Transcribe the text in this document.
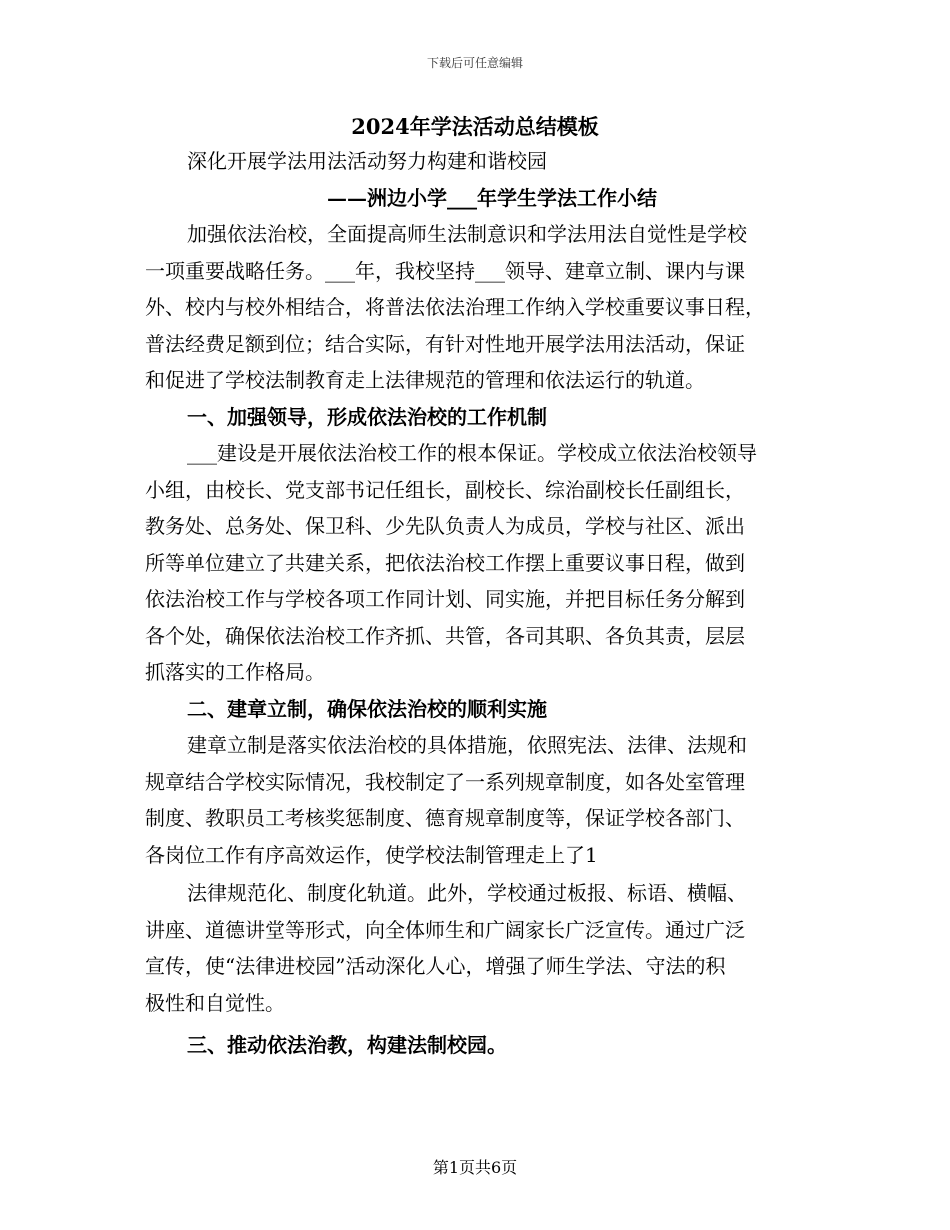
下载后可任意编辑

2024年学法活动总结模板

深化开展学法用法活动努力构建和谐校园

——洲边小学___年学生学法工作小结

加强依法治校，全面提高师生法制意识和学法用法自觉性是学校

一项重要战略任务。___年，我校坚持___领导、建章立制、课内与课

外、校内与校外相结合，将普法依法治理工作纳入学校重要议事日程，

普法经费足额到位；结合实际，有针对性地开展学法用法活动，保证

和促进了学校法制教育走上法律规范的管理和依法运行的轨道。

一、加强领导，形成依法治校的工作机制

___建设是开展依法治校工作的根本保证。学校成立依法治校领导

小组，由校长、党支部书记任组长，副校长、综治副校长任副组长，

教务处、总务处、保卫科、少先队负责人为成员，学校与社区、派出

所等单位建立了共建关系，把依法治校工作摆上重要议事日程，做到

依法治校工作与学校各项工作同计划、同实施，并把目标任务分解到

各个处，确保依法治校工作齐抓、共管，各司其职、各负其责，层层

抓落实的工作格局。

二、建章立制，确保依法治校的顺利实施

建章立制是落实依法治校的具体措施，依照宪法、法律、法规和

规章结合学校实际情况，我校制定了一系列规章制度，如各处室管理

制度、教职员工考核奖惩制度、德育规章制度等，保证学校各部门、

各岗位工作有序高效运作，使学校法制管理走上了1

法律规范化、制度化轨道。此外，学校通过板报、标语、横幅、

讲座、道德讲堂等形式，向全体师生和广阔家长广泛宣传。通过广泛

宣传，使“法律进校园”活动深化人心，增强了师生学法、守法的积

极性和自觉性。

三、推动依法治教，构建法制校园。

第1页共6页
